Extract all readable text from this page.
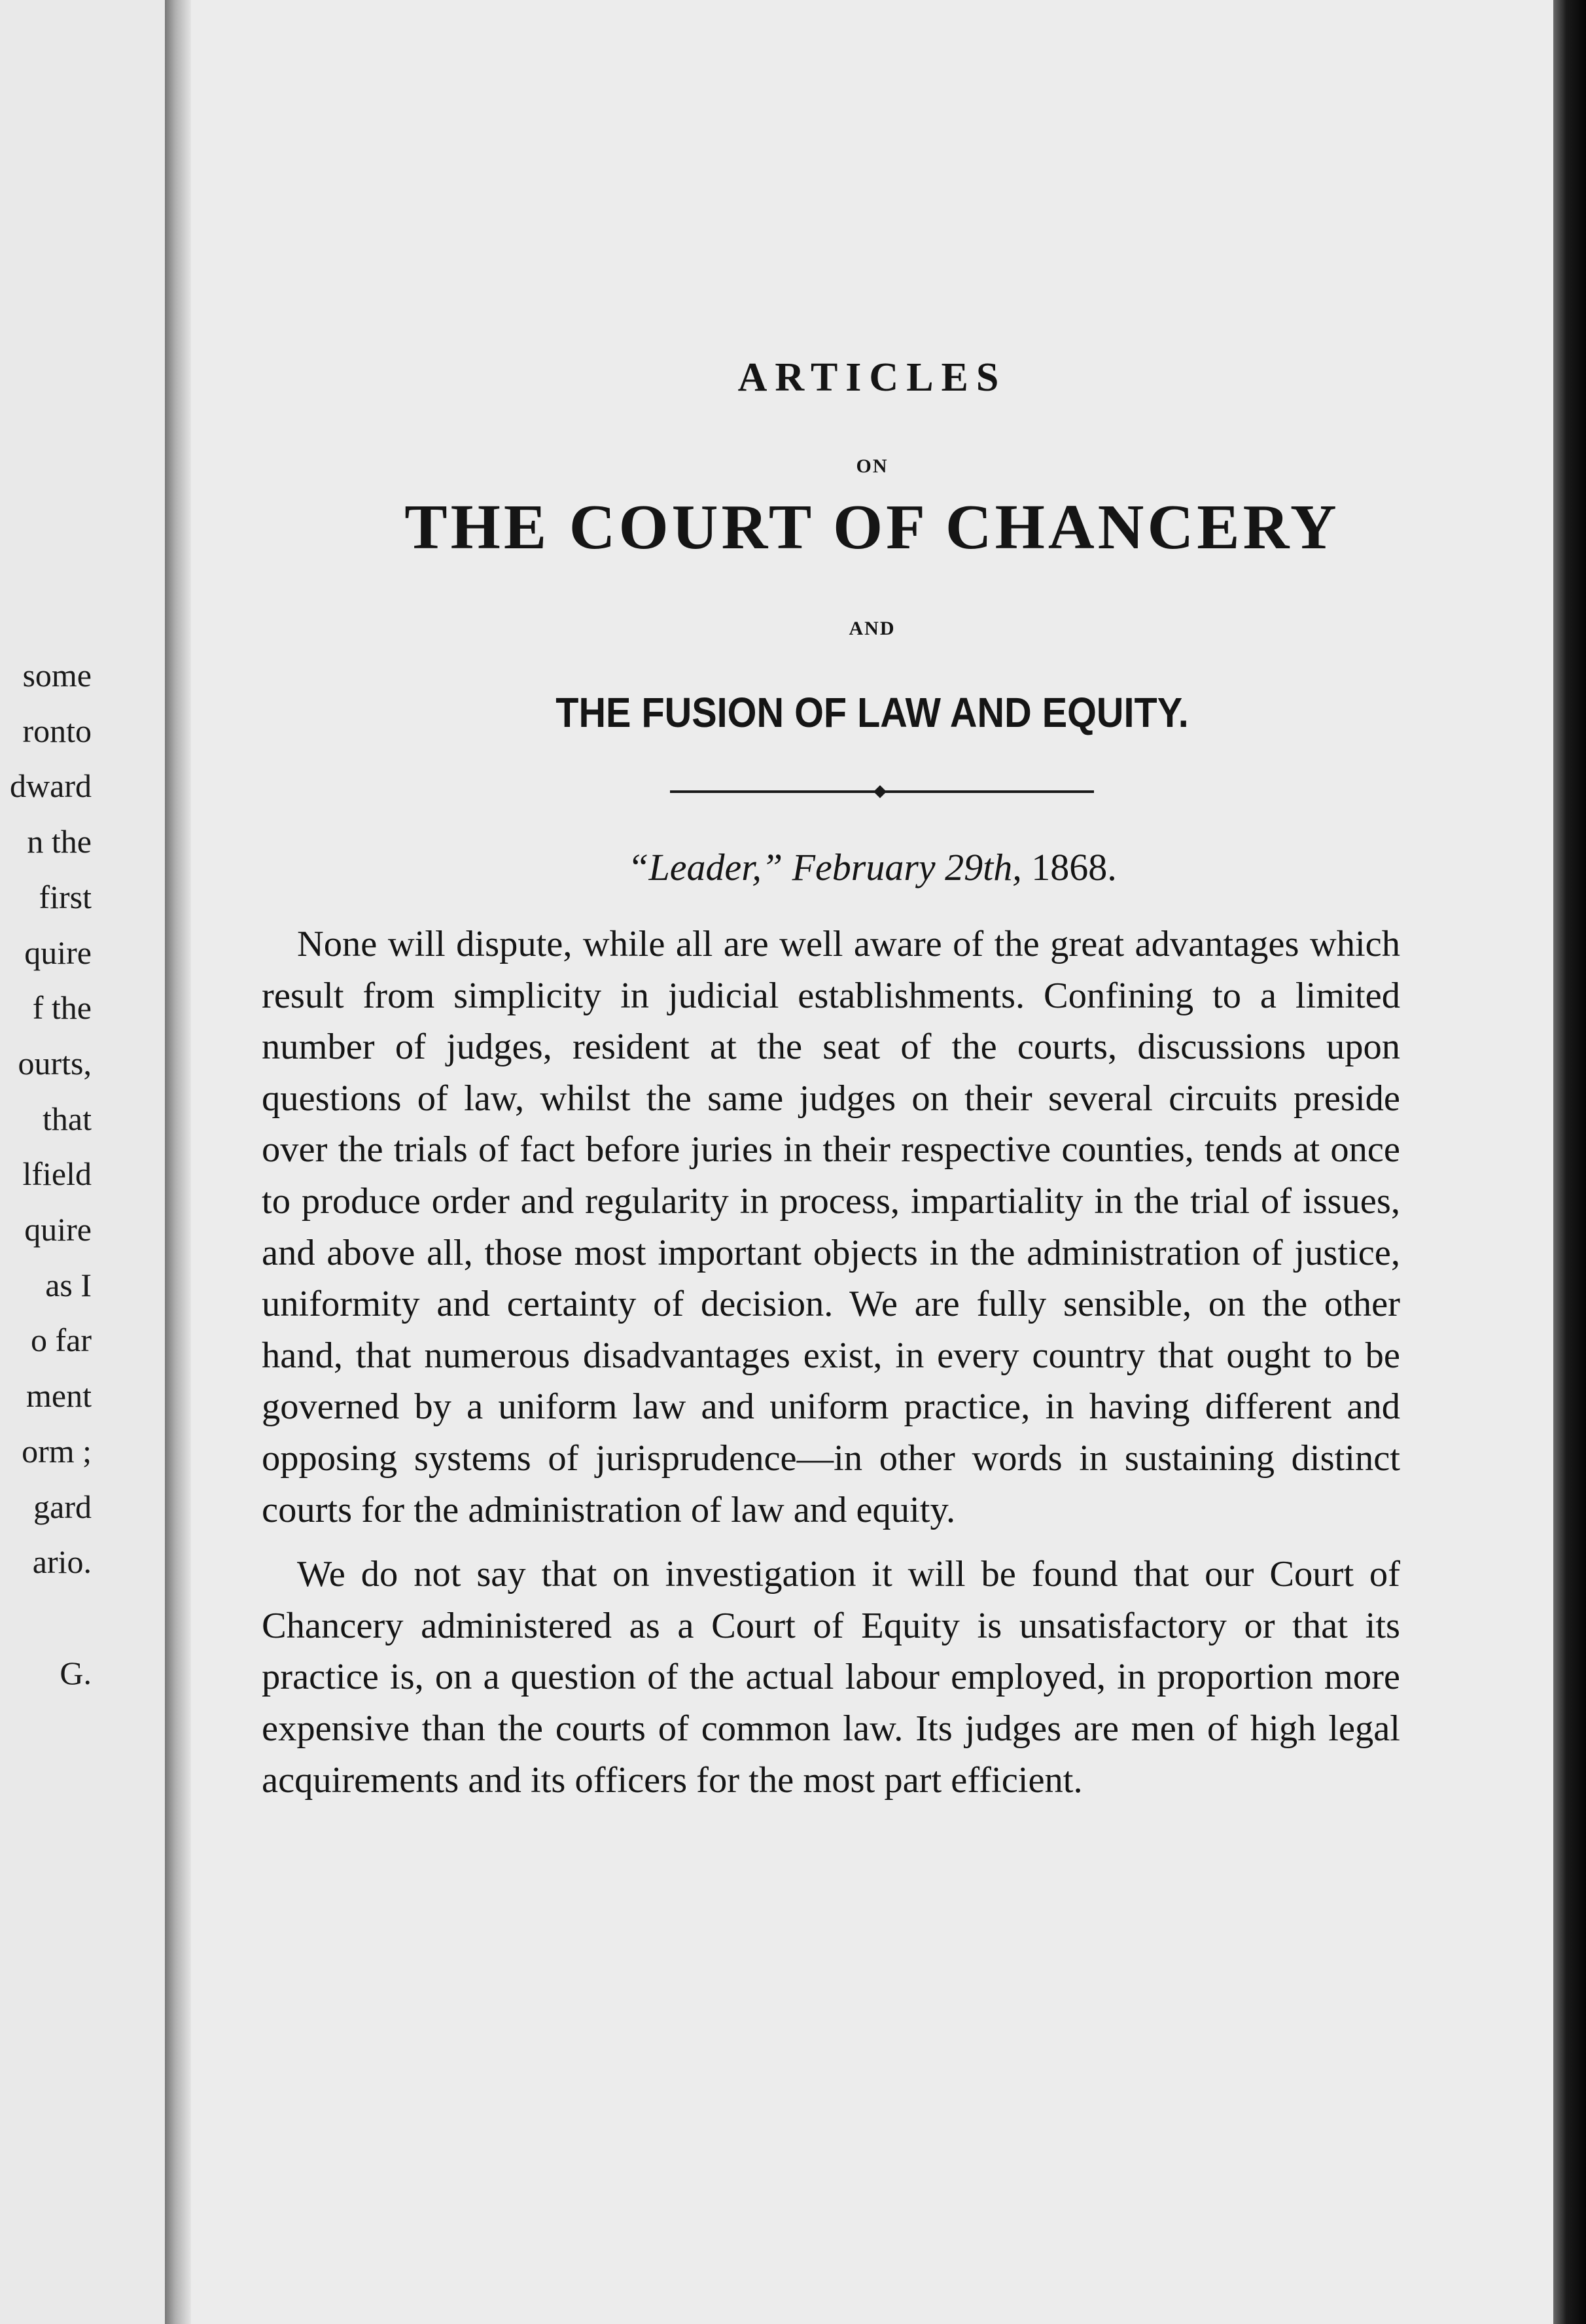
some
ronto
dward
n the
first
quire
f the
ourts,
that
lfield
quire
as I
o far
ment
orm ;
gard
ario.

G.
ARTICLES
ON
THE COURT OF CHANCERY
AND
THE FUSION OF LAW AND EQUITY.
“Leader,” February 29th, 1868.

None will dispute, while all are well aware of the great advantages which result from simplicity in judicial establishments. Confining to a limited number of judges, resident at the seat of the courts, discussions upon questions of law, whilst the same judges on their several circuits preside over the trials of fact before juries in their respective counties, tends at once to produce order and regularity in process, impartiality in the trial of issues, and above all, those most important objects in the administration of justice, uniformity and certainty of decision. We are fully sensible, on the other hand, that numerous disadvantages exist, in every country that ought to be governed by a uniform law and uniform practice, in having different and opposing systems of jurisprudence—in other words in sustaining distinct courts for the administration of law and equity.

We do not say that on investigation it will be found that our Court of Chancery administered as a Court of Equity is unsatisfactory or that its practice is, on a question of the actual labour employed, in proportion more expensive than the courts of common law. Its judges are men of high legal acquirements and its officers for the most part efficient.
